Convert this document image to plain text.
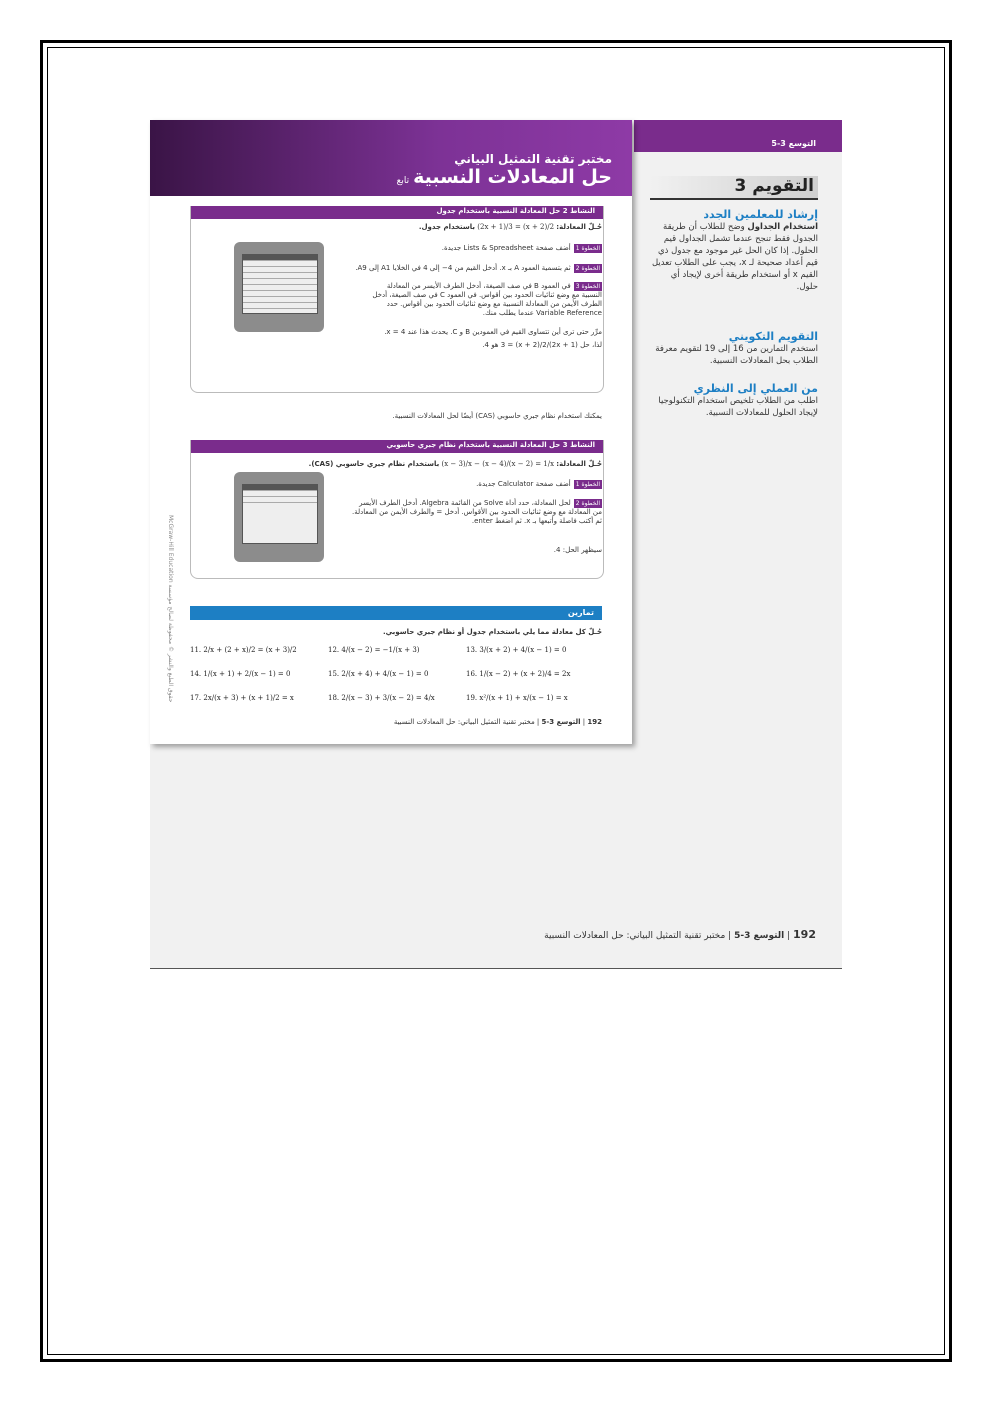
التوسع 3-5
مختبر تقنية التمثيل البياني
حل المعادلات النسبيةتابع
النشاط 2 حل المعادلة النسبية باستخدام جدول
حُـلّ المعادلة: (2x + 1)/3 = (x + 2)/2 باستخدام جدول.
الخطوة 1أضف صفحة Lists & Spreadsheet جديدة.
الخطوة 2ثم بتسمية العمود A بـ x. أدخل القيم من 4− إلى 4 في الخلايا A1 إلى A9.
الخطوة 3في العمود B في صف الصيغة، أدخل الطرف الأيسر من المعادلة النسبية مع وضع ثنائيات الحدود بين أقواس. في العمود C في صف الصيغة، أدخل الطرف الأيمن من المعادلة النسبية مع وضع ثنائيات الحدود بين أقواس. حدد Variable Reference عندما يطلب منك.
مرِّر حتى ترى أين تتساوى القيم في العمودين B و C. يحدث هذا عند x = 4.
لذا، حل (2x + 1)/3 = (x + 2)/2 هو 4.
يمكنك استخدام نظام جبري حاسوبي (CAS) أيضًا لحل المعادلات النسبية.
النشاط 3 حل المعادلة النسبية باستخدام نظام جبري حاسوبي
حُـلّ المعادلة: (x − 3)/x − (x − 4)/(x − 2) = 1/x باستخدام نظام جبري حاسوبي (CAS).
الخطوة 1أضف صفحة Calculator جديدة.
الخطوة 2لحل المعادلة، حدد أداة Solve من القائمة Algebra. أدخل الطرف الأيسر من المعادلة مع وضع ثنائيات الحدود بين الأقواس. أدخل = والطرف الأيمن من المعادلة. ثم أكتب فاصلة وأتبعها بـ x. ثم اضغط enter.
سيظهر الحل: 4.
تمارين
حُـلّ كل معادلة مما يلي باستخدام جدول أو نظام جبري حاسوبي.
11. 2/x + (2 + x)/2 = (x + 3)/2	12. 4/(x − 2) = −1/(x + 3)	13. 3/(x + 2) + 4/(x − 1) = 0
14. 1/(x + 1) + 2/(x − 1) = 0	15. 2/(x + 4) + 4/(x − 1) = 0	16. 1/(x − 2) + (x + 2)/4 = 2x
17. 2x/(x + 3) + (x + 1)/2 = x	18. 2/(x − 3) + 3/(x − 2) = 4/x	19. x²/(x + 1) + x/(x − 1) = x
192 | التوسع 3-5 | مختبر تقنية التمثيل البياني: حل المعادلات النسبية
McGraw-Hill Education حقوق الطبع والنشر © محفوظة لصالح مؤسسة
3 التقويم
إرشاد للمعلمين الجدد
استخدام الجداول وضح للطلاب أن طريقة الجدول فقط تنجح عندما تشمل الجداول قيم الحلول. إذا كان الحل غير موجود مع جدول ذي قيم أعداد صحيحة لـ x، يجب على الطلاب تعديل القيم x أو استخدام طريقة أخرى لإيجاد أي حلول.
التقويم التكويني
استخدم التمارين من 16 إلى 19 لتقويم معرفة الطلاب بحل المعادلات النسبية.
من العملي إلى النظري
اطلب من الطلاب تلخيص استخدام التكنولوجيا لإيجاد الحلول للمعادلات النسبية.
192 | التوسع 3-5 | مختبر تقنية التمثيل البياني: حل المعادلات النسبية
